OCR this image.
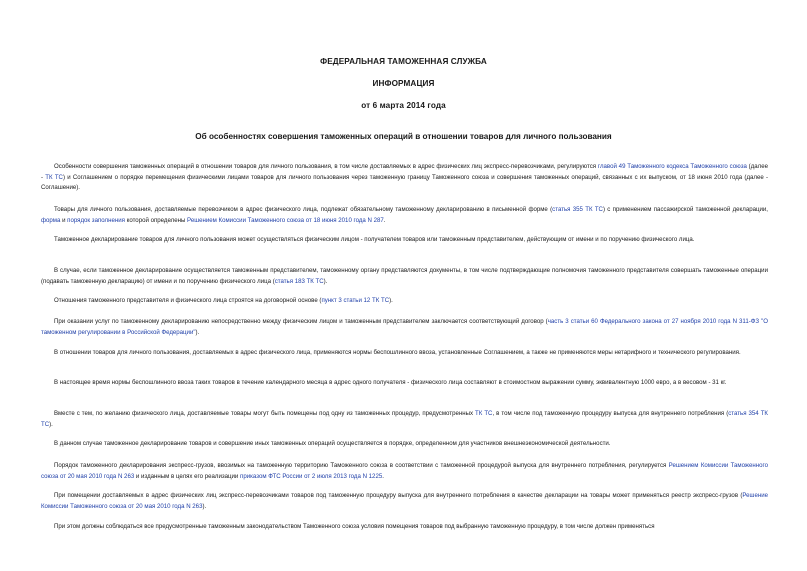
ФЕДЕРАЛЬНАЯ ТАМОЖЕННАЯ СЛУЖБА
ИНФОРМАЦИЯ
от 6 марта 2014 года
Об особенностях совершения таможенных операций в отношении товаров для личного пользования
Особенности совершения таможенных операций в отношении товаров для личного пользования, в том числе доставляемых в адрес физических лиц экспресс-перевозчиками, регулируются главой 49 Таможенного кодекса Таможенного союза (далее - ТК ТС) и Соглашением о порядке перемещения физическими лицами товаров для личного пользования через таможенную границу Таможенного союза и совершения таможенных операций, связанных с их выпуском, от 18 июня 2010 года (далее - Соглашение).
Товары для личного пользования, доставляемые перевозчиком в адрес физического лица, подлежат обязательному таможенному декларированию в письменной форме (статья 355 ТК ТС) с применением пассажирской таможенной декларации, форма и порядок заполнения которой определены Решением Комиссии Таможенного союза от 18 июня 2010 года N 287.
Таможенное декларирование товаров для личного пользования может осуществляться физическим лицом - получателем товаров или таможенным представителем, действующим от имени и по поручению физического лица.
В случае, если таможенное декларирование осуществляется таможенным представителем, таможенному органу представляются документы, в том числе подтверждающие полномочия таможенного представителя совершать таможенные операции (подавать таможенную декларацию) от имени и по поручению физического лица (статья 183 ТК ТС).
Отношения таможенного представителя и физического лица строятся на договорной основе (пункт 3 статьи 12 ТК ТС).
При оказании услуг по таможенному декларированию непосредственно между физическим лицом и таможенным представителем заключается соответствующий договор (часть 3 статьи 60 Федерального закона от 27 ноября 2010 года N 311-ФЗ "О таможенном регулировании в Российской Федерации").
В отношении товаров для личного пользования, доставляемых в адрес физического лица, применяются нормы беспошлинного ввоза, установленные Соглашением, а также не применяются меры нетарифного и технического регулирования.
В настоящее время нормы беспошлинного ввоза таких товаров в течение календарного месяца в адрес одного получателя - физического лица составляют в стоимостном выражении сумму, эквивалентную 1000 евро, а в весовом - 31 кг.
Вместе с тем, по желанию физического лица, доставляемые товары могут быть помещены под одну из таможенных процедур, предусмотренных ТК ТС, в том числе под таможенную процедуру выпуска для внутреннего потребления (статья 354 ТК ТС).
В данном случае таможенное декларирование товаров и совершение иных таможенных операций осуществляется в порядке, определенном для участников внешнеэкономической деятельности.
Порядок таможенного декларирования экспресс-грузов, ввозимых на таможенную территорию Таможенного союза в соответствии с таможенной процедурой выпуска для внутреннего потребления, регулируется Решением Комиссии Таможенного союза от 20 мая 2010 года N 263 и изданным в целях его реализации приказом ФТС России от 2 июля 2013 года N 1225.
При помещении доставляемых в адрес физических лиц экспресс-перевозчиками товаров под таможенную процедуру выпуска для внутреннего потребления в качестве декларации на товары может применяться реестр экспресс-грузов (Решение Комиссии Таможенного союза от 20 мая 2010 года N 263).
При этом должны соблюдаться все предусмотренные таможенным законодательством Таможенного союза условия помещения товаров под выбранную таможенную процедуру, в том числе должен применяться
